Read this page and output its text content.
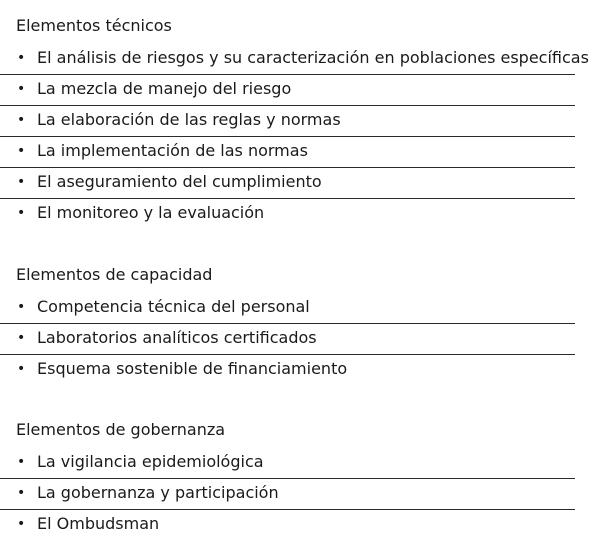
Elementos técnicos
• El análisis de riesgos y su caracterización en poblaciones específicas
• La mezcla de manejo del riesgo
• La elaboración de las reglas y normas
• La implementación de las normas
• El aseguramiento del cumplimiento
• El monitoreo y la evaluación
Elementos de capacidad
• Competencia técnica del personal
• Laboratorios analíticos certificados
• Esquema sostenible de financiamiento
Elementos de gobernanza
• La vigilancia epidemiológica
• La gobernanza y participación
• El Ombudsman
